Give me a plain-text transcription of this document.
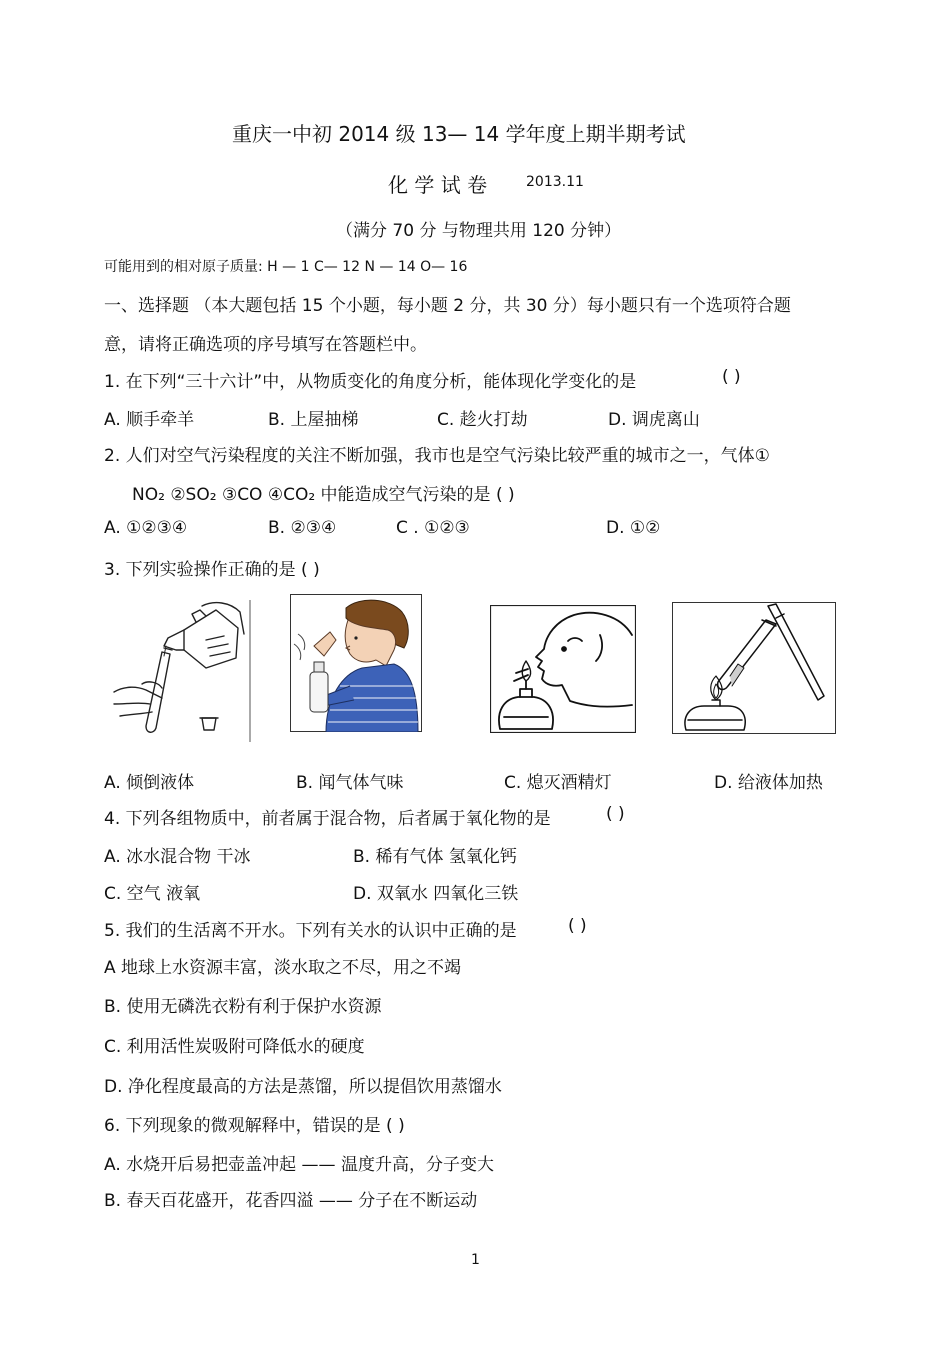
重庆一中初 2014 级 13— 14 学年度上期半期考试
化 学 试 卷	2013.11
（满分 70 分 与物理共用 120 分钟）
可能用到的相对原子质量: H — 1 C— 12 N — 14 O— 16
一、选择题 （本大题包括 15 个小题，每小题 2 分，共 30 分）每小题只有一个选项符合题
意，请将正确选项的序号填写在答题栏中。
1. 在下列“三十六计”中，从物质变化的角度分析，能体现化学变化的是	( )
A. 顺手牵羊	B. 上屋抽梯	C. 趁火打劫	D. 调虎离山
2. 人们对空气污染程度的关注不断加强，我市也是空气污染比较严重的城市之一，气体①
NO₂ ②SO₂ ③CO ④CO₂ 中能造成空气污染的是 ( )
A. ①②③④	B. ②③④	C . ①②③	D. ①②
3. 下列实验操作正确的是 ( )
A. 倾倒液体	B. 闻气体气味	C. 熄灭酒精灯	D. 给液体加热
4. 下列各组物质中，前者属于混合物，后者属于氧化物的是	( )
A. 冰水混合物 干冰	B. 稀有气体 氢氧化钙
C. 空气 液氧	D. 双氧水 四氧化三铁
5. 我们的生活离不开水。下列有关水的认识中正确的是	( )
A 地球上水资源丰富，淡水取之不尽，用之不竭
B. 使用无磷洗衣粉有利于保护水资源
C. 利用活性炭吸附可降低水的硬度
D. 净化程度最高的方法是蒸馏，所以提倡饮用蒸馏水
6. 下列现象的微观解释中，错误的是 ( )
A. 水烧开后易把壶盖冲起 —— 温度升高，分子变大
B. 春天百花盛开，花香四溢 —— 分子在不断运动
1
